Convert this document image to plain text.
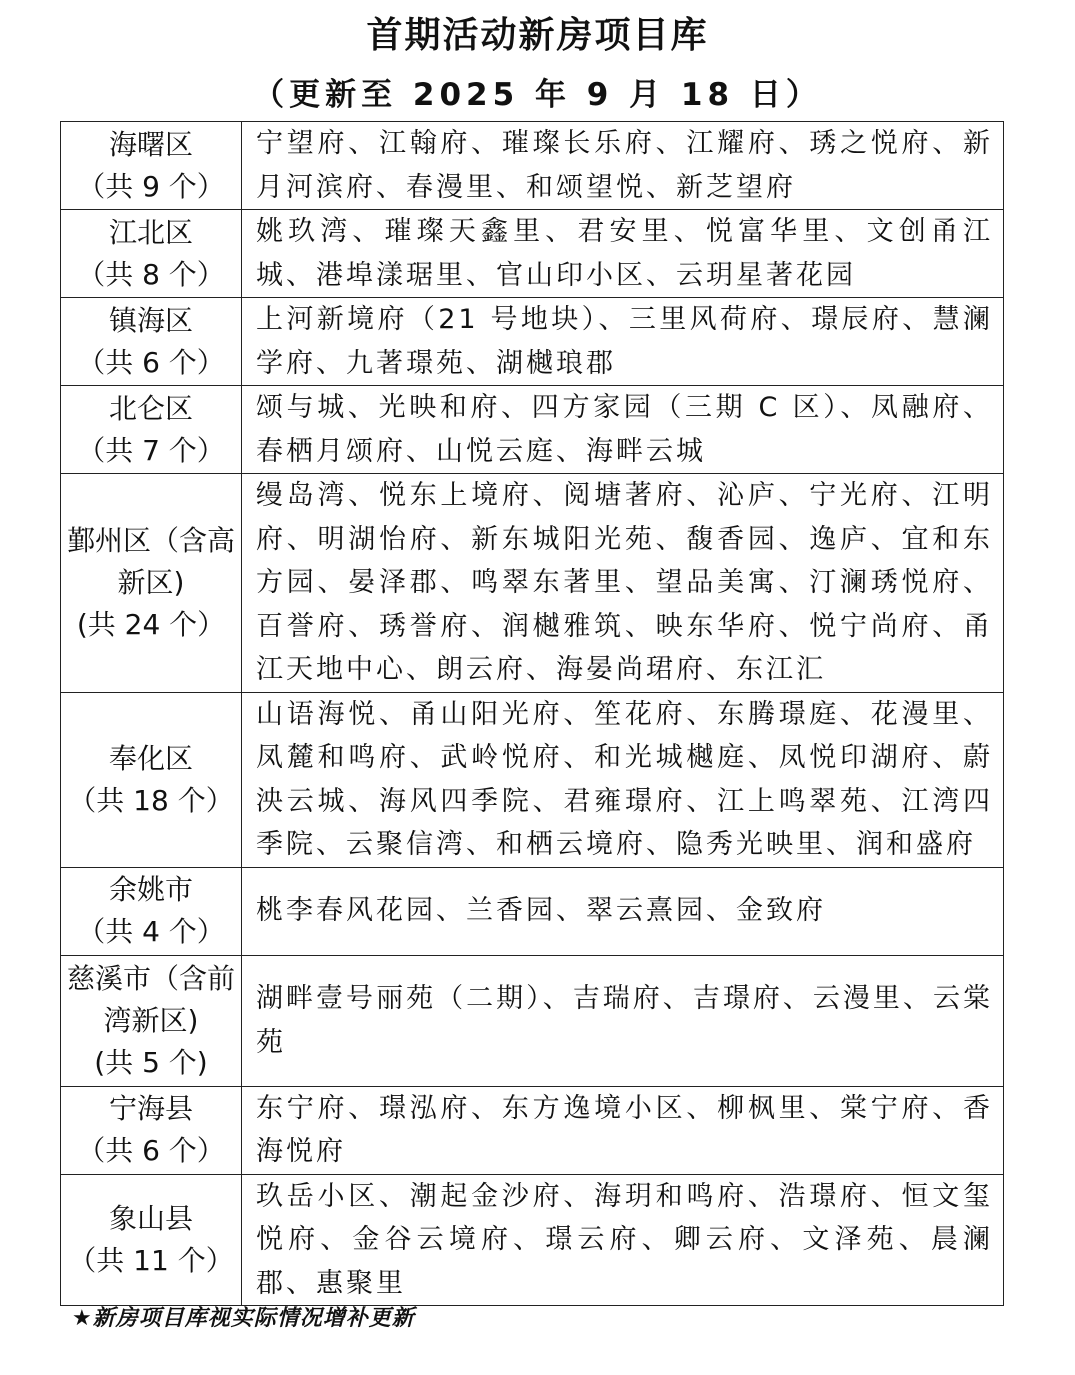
首期活动新房项目库
（更新至 2025 年 9 月 18 日）
海曙区
（共 9 个）	宁望府、江翰府、璀璨长乐府、江耀府、琇之悦府、新月河滨府、春漫里、和颂望悦、新芝望府

江北区
（共 8 个）	姚玖湾、璀璨天鑫里、君安里、悦富华里、文创甬江城、港埠漾琚里、官山印小区、云玥星著花园

镇海区
（共 6 个）	上河新境府（21 号地块）、三里风荷府、璟辰府、慧澜学府、九著璟苑、湖樾琅郡

北仑区
（共 7 个）	颂与城、光映和府、四方家园（三期 C 区）、凤融府、春栖月颂府、山悦云庭、海畔云城

鄞州区（含高新区)
(共 24 个）	缦岛湾、悦东上境府、阅塘著府、沁庐、宁光府、江明府、明湖怡府、新东城阳光苑、馥香园、逸庐、宜和东方园、晏泽郡、鸣翠东著里、望品美寓、汀澜琇悦府、百誉府、琇誉府、润樾雅筑、映东华府、悦宁尚府、甬江天地中心、朗云府、海晏尚珺府、东江汇

奉化区
（共 18 个）	山语海悦、甬山阳光府、笙花府、东腾璟庭、花漫里、凤麓和鸣府、武岭悦府、和光城樾庭、凤悦印湖府、蔚泱云城、海风四季院、君雍璟府、江上鸣翠苑、江湾四季院、云聚信湾、和栖云境府、隐秀光映里、润和盛府

余姚市
（共 4 个）	桃李春风花园、兰香园、翠云熹园、金致府

慈溪市（含前湾新区)
(共 5 个)	湖畔壹号丽苑（二期）、吉瑞府、吉璟府、云漫里、云棠苑

宁海县
（共 6 个）	东宁府、璟泓府、东方逸境小区、柳枫里、棠宁府、香海悦府

象山县
（共 11 个）	玖岳小区、潮起金沙府、海玥和鸣府、浩璟府、恒文玺悦府、金谷云境府、璟云府、卿云府、文泽苑、晨澜郡、惠聚里
★新房项目库视实际情况增补更新
